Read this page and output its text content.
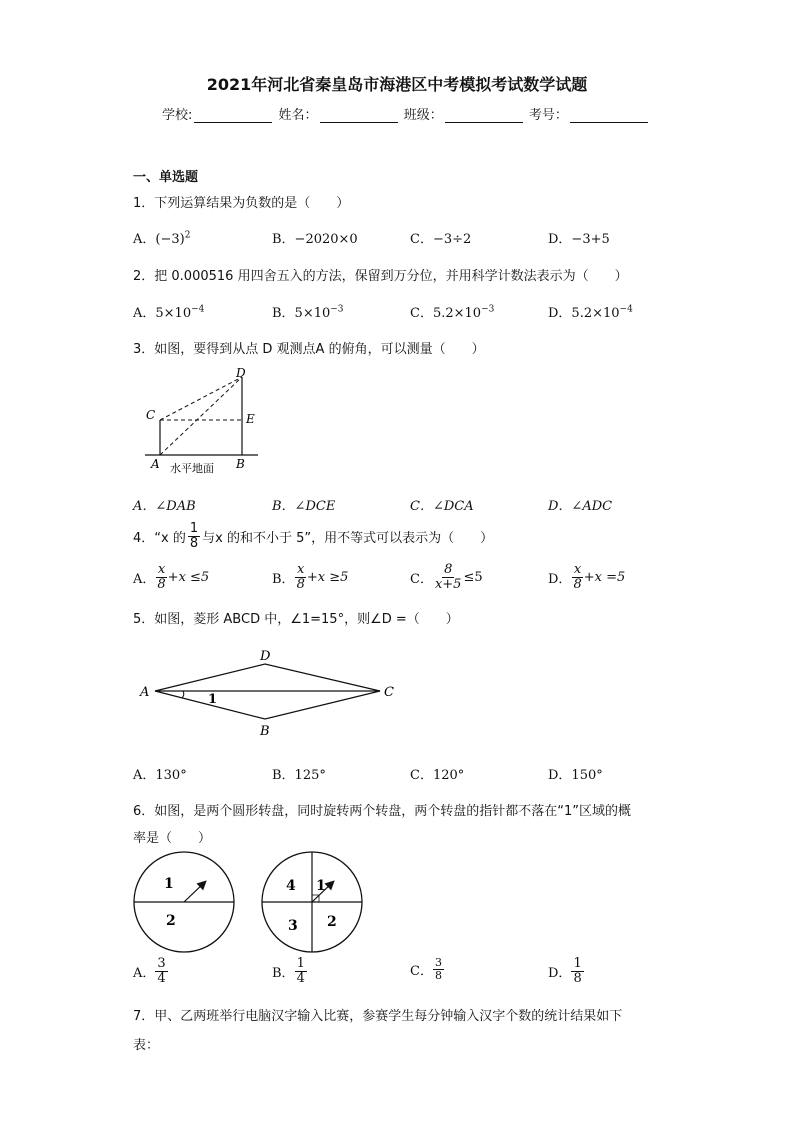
2021年河北省秦皇岛市海港区中考模拟考试数学试题
学校:	姓名：	班级：	考号：
一、单选题
1．下列运算结果为负数的是（　　）
A．$(-3)^2$	B．−2020×0	C．−3÷2	D．−3+5
2．把 0.000516 用四舍五入的方法，保留到万分位，并用科学计数法表示为（　　）
A．$5\times 10^{-4}$	B．$5\times 10^{-3}$	C．$5.2\times 10^{-3}$	D．$5.2\times 10^{-4}$
3．如图，要得到从点 D 观测点A 的俯角，可以测量（　　）
D
C	E
A	B
水平地面
A．∠DAB	B．∠DCE	C．∠DCA	D．∠ADC
4．“x 的 $\frac{1}{8}$ 与x 的和不小于 5”，用不等式可以表示为（　　）
A． $\frac{x}{8} +x \le 5$	B． $\frac{x}{8} +x \ge 5$	C． $\frac{8}{x+5} \le 5$	D． $\frac{x}{8} +x =5$
5．如图，菱形 ABCD 中，∠1=15°，则∠D =（　　）
A
D
C
B
1
A．130°	B．125°	C．120°	D．150°
6．如图，是两个圆形转盘，同时旋转两个转盘，两个转盘的指针都不落在“1”区域的概
率是（　　）
1
2
4 1
3 2
A． $\frac{3}{4}$	B． $\frac{1}{4}$	C． $\frac{3}{8}$	D． $\frac{1}{8}$
7．甲、乙两班举行电脑汉字输入比赛，参赛学生每分钟输入汉字个数的统计结果如下
表：
